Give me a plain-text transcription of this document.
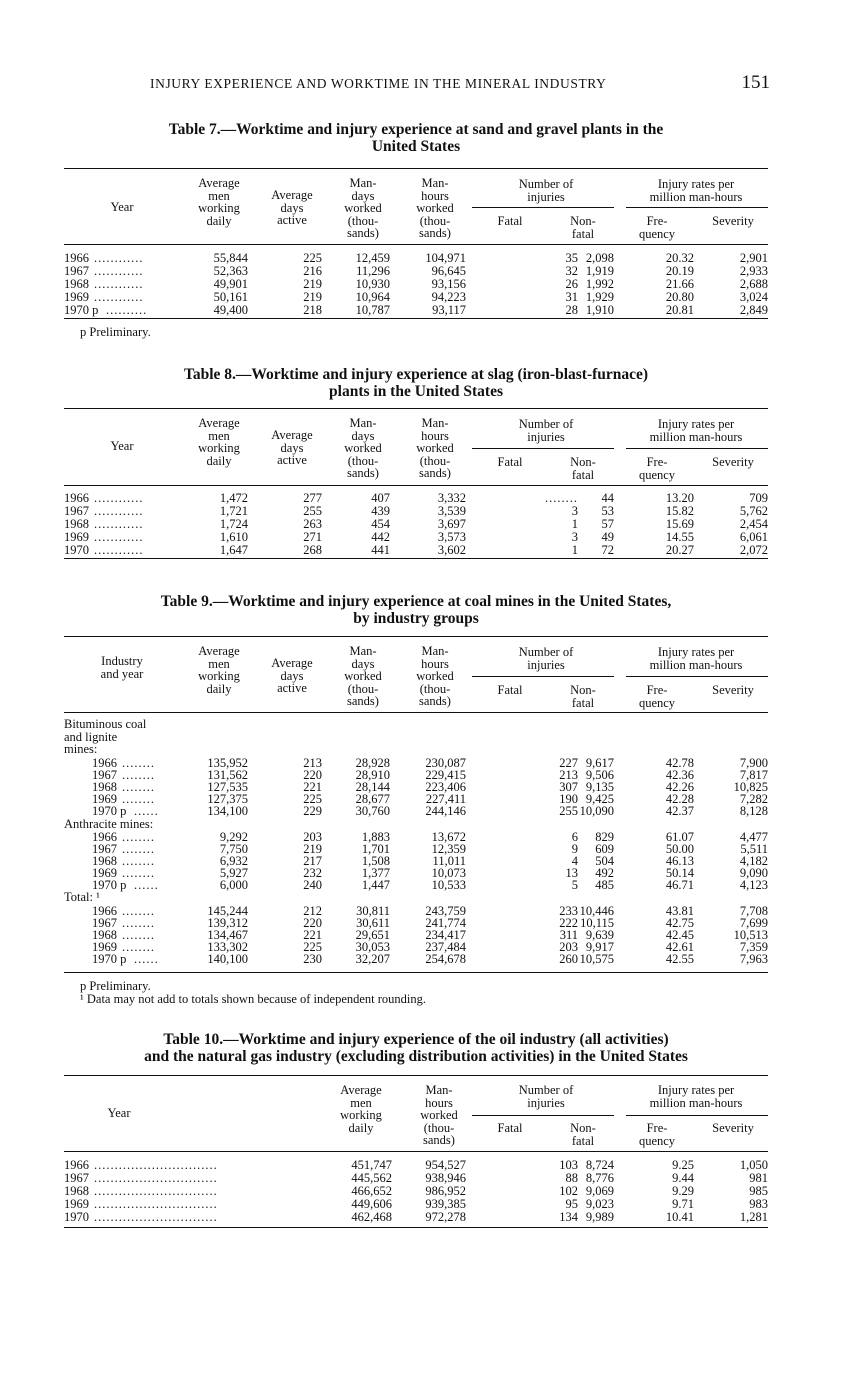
INJURY EXPERIENCE AND WORKTIME IN THE MINERAL INDUSTRY	151
Table 7.—Worktime and injury experience at sand and gravel plants in the
United States
Year
Average
men
working
daily
Average
days
active
Man-
days
worked
(thou-
sands)
Man-
hours
worked
(thou-
sands)
Number of
injuries
Injury rates per
million man-hours
Fatal	Non-
fatal
Fre-
quency
Severity
1966 ............	55,844	225	12,459	104,971	35 2,098	20.32	2,901
1967 ............	52,363	216	11,296	96,645	32 1,919	20.19	2,933
1968 ............	49,901	219	10,930	93,156	26 1,992	21.66	2,688
1969 ............	50,161	219	10,964	94,223	31 1,929	20.80	3,024
1970 p ..........	49,400	218	10,787	93,117	28 1,910	20.81	2,849
p Preliminary.
Table 8.—Worktime and injury experience at slag (iron-blast-furnace)
plants in the United States
Year
Average
men
working
daily
Average
days
active
Man-
days
worked
(thou-
sands)
Man-
hours
worked
(thou-
sands)
Number of
injuries
Injury rates per
million man-hours
Fatal	Non-
fatal
Fre-
quency
Severity
1966 ............	1,472	277	407	3,332	........ 44	13.20	709
1967 ............	1,721	255	439	3,539	3 53	15.82	5,762
1968 ............	1,724	263	454	3,697	1 57	15.69	2,454
1969 ............	1,610	271	442	3,573	3 49	14.55	6,061
1970 ............	1,647	268	441	3,602	1 72	20.27	2,072
Table 9.—Worktime and injury experience at coal mines in the United States,
by industry groups
Industry
and year
Average
men
working
daily
Average
days
active
Man-
days
worked
(thou-
sands)
Man-
hours
worked
(thou-
sands)
Number of
injuries
Injury rates per
million man-hours
Fatal	Non-
fatal
Fre-
quency
Severity
Bituminous coal
and lignite
mines:
1966 ........	135,952	213	28,928	230,087	227 9,617	42.78	7,900
1967 ........	131,562	220	28,910	229,415	213 9,506	42.36	7,817
1968 ........	127,535	221	28,144	223,406	307 9,135	42.26	10,825
1969 ........	127,375	225	28,677	227,411	190 9,425	42.28	7,282
1970 p ......	134,100	229	30,760	244,146	255 10,090	42.37	8,128
Anthracite mines:
1966 ........	9,292	203	1,883	13,672	6 829	61.07	4,477
1967 ........	7,750	219	1,701	12,359	9 609	50.00	5,511
1968 ........	6,932	217	1,508	11,011	4 504	46.13	4,182
1969 ........	5,927	232	1,377	10,073	13 492	50.14	9,090
1970 p ......	6,000	240	1,447	10,533	5 485	46.71	4,123
Total: ¹
1966 ........	145,244	212	30,811	243,759	233 10,446	43.81	7,708
1967 ........	139,312	220	30,611	241,774	222 10,115	42.75	7,699
1968 ........	134,467	221	29,651	234,417	311 9,639	42.45	10,513
1969 ........	133,302	225	30,053	237,484	203 9,917	42.61	7,359
1970 p ......	140,100	230	32,207	254,678	260 10,575	42.55	7,963
p Preliminary.
¹ Data may not add to totals shown because of independent rounding.
Table 10.—Worktime and injury experience of the oil industry (all activities)
and the natural gas industry (excluding distribution activities) in the United States
Year
Average
men
working
daily
Man-
hours
worked
(thou-
sands)
Number of
injuries
Injury rates per
million man-hours
Fatal	Non-
fatal
Fre-
quency
Severity
1966 ..............................	451,747	954,527	103 8,724	9.25	1,050
1967 ..............................	445,562	938,946	88 8,776	9.44	981
1968 ..............................	466,652	986,952	102 9,069	9.29	985
1969 ..............................	449,606	939,385	95 9,023	9.71	983
1970 ..............................	462,468	972,278	134 9,989	10.41	1,281
